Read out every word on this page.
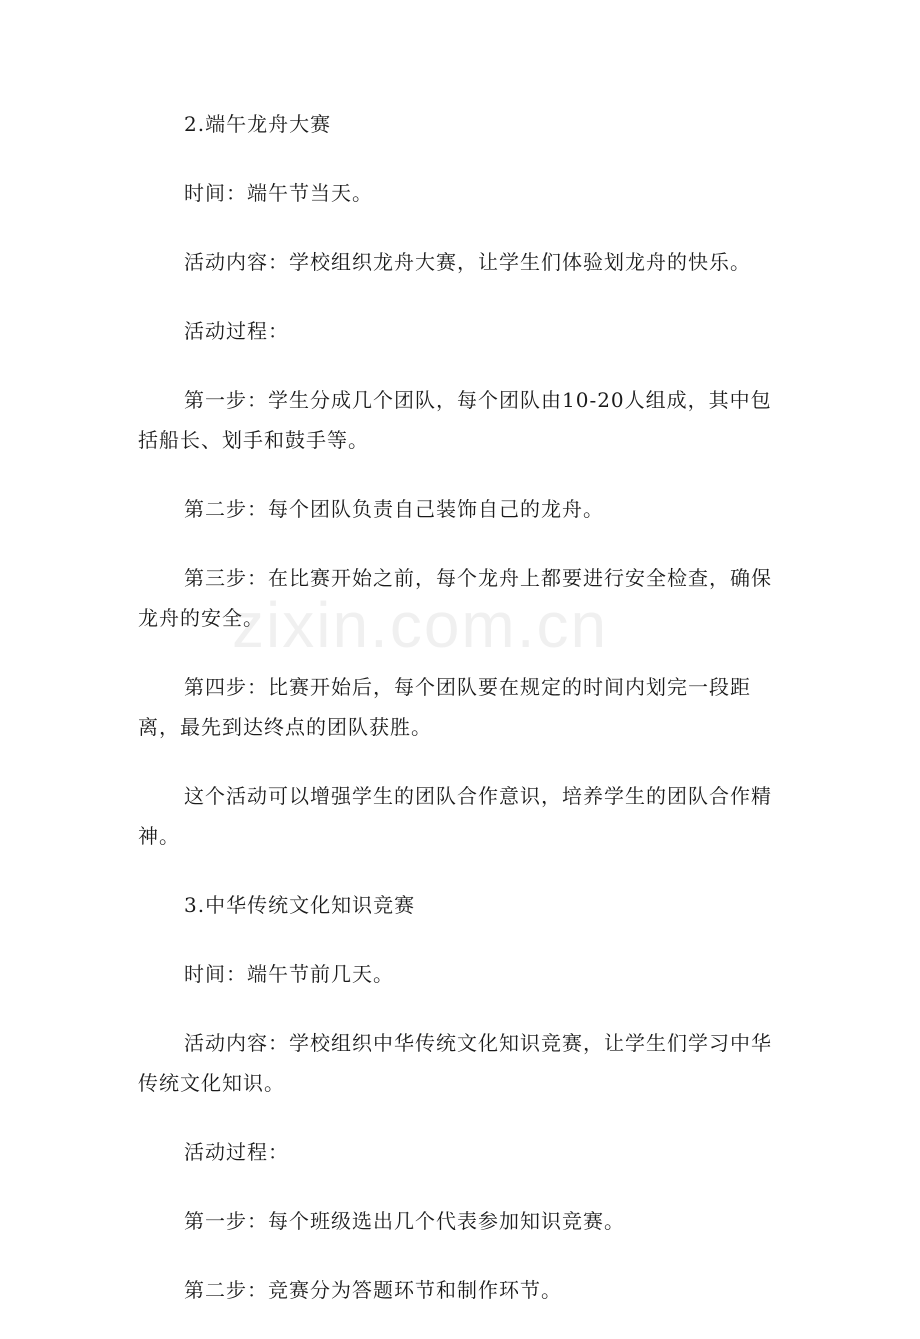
2.端午龙舟大赛

时间：端午节当天。

活动内容：学校组织龙舟大赛，让学生们体验划龙舟的快乐。

活动过程：

第一步：学生分成几个团队，每个团队由10-20人组成，其中包括船长、划手和鼓手等。

第二步：每个团队负责自己装饰自己的龙舟。

第三步：在比赛开始之前，每个龙舟上都要进行安全检查，确保龙舟的安全。

第四步：比赛开始后，每个团队要在规定的时间内划完一段距离，最先到达终点的团队获胜。

这个活动可以增强学生的团队合作意识，培养学生的团队合作精神。

3.中华传统文化知识竞赛

时间：端午节前几天。

活动内容：学校组织中华传统文化知识竞赛，让学生们学习中华传统文化知识。

活动过程：

第一步：每个班级选出几个代表参加知识竞赛。

第二步：竞赛分为答题环节和制作环节。

zixin.com.cn
